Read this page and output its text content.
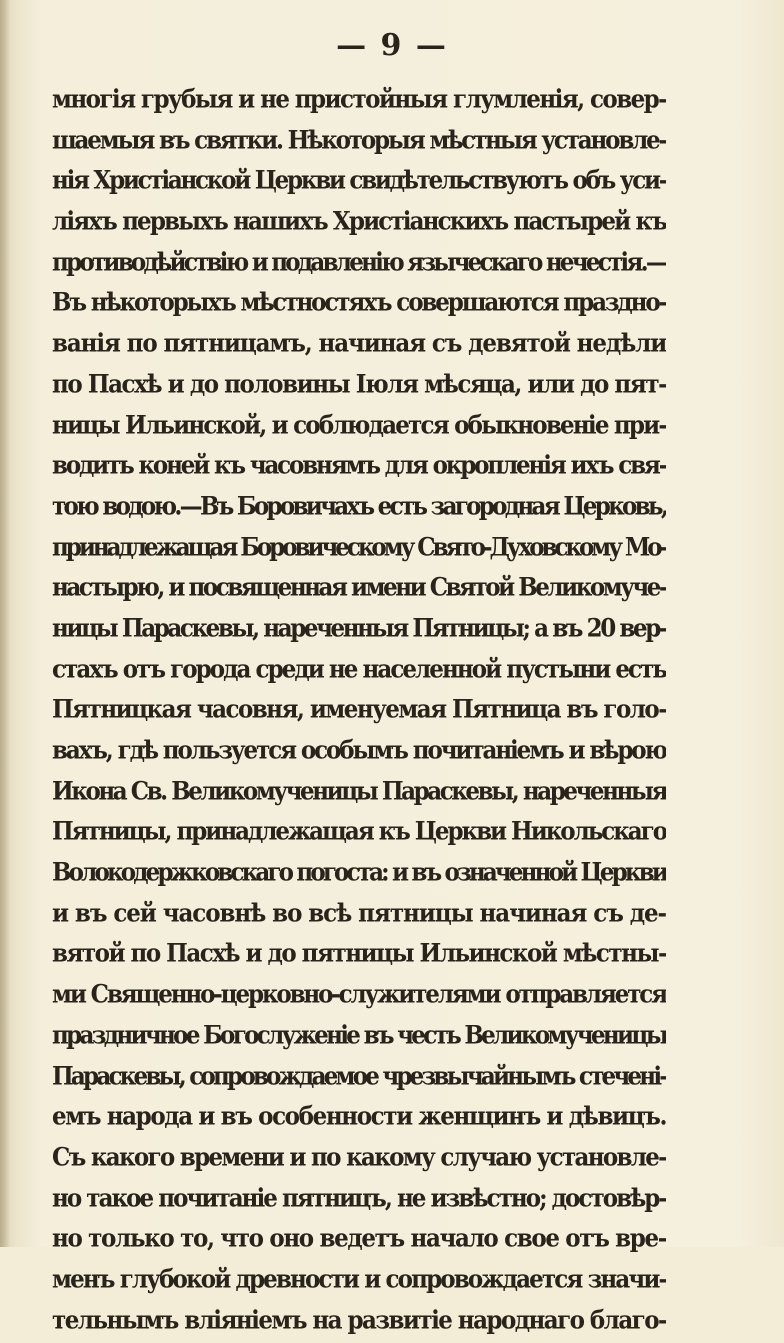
— 9 —
многія грубыя и не пристойныя глумленія, совер-
шаемыя въ святки. Нѣкоторыя мѣстныя установле-
нія Христіанской Церкви свидѣтельствуютъ объ уси-
ліяхъ первыхъ нашихъ Христіанскихъ пастырей къ
противодѣйствію и подавленію языческаго нечестія.—
Въ нѣкоторыхъ мѣстностяхъ совершаются праздно-
ванія по пятницамъ, начиная съ девятой недѣли
по Пасхѣ и до половины Іюля мѣсяца, или до пят-
ницы Ильинской, и соблюдается обыкновеніе при-
водить коней къ часовнямъ для окропленія ихъ свя-
тою водою.—Въ Боровичахъ есть загородная Церковь,
принадлежащая Боровическому Свято-Духовскому Мо-
настырю, и посвященная имени Святой Великомуче-
ницы Параскевы, нареченныя Пятницы; а въ 20 вер-
стахъ отъ города среди не населенной пустыни есть
Пятницкая часовня, именуемая Пятница въ голо-
вахъ, гдѣ пользуется особымъ почитаніемъ и вѣрою
Икона Св. Великомученицы Параскевы, нареченныя
Пятницы, принадлежащая къ Церкви Никольскаго
Волокодержковскаго погоста: и въ означенной Церкви
и въ сей часовнѣ во всѣ пятницы начиная съ де-
вятой по Пасхѣ и до пятницы Ильинской мѣстны-
ми Священно-церковно-служителями отправляется
праздничное Богослуженіе въ честь Великомученицы
Параскевы, сопровождаемое чрезвычайнымъ стеченi-
емъ народа и въ особенности женщинъ и дѣвицъ.
Съ какого времени и по какому случаю установле-
но такое почитаніе пятницъ, не извѣстно; достовѣр-
но только то, что оно ведетъ начало свое отъ вре-
менъ глубокой древности и сопровождается значи-
тельнымъ вліяніемъ на развитіе народнаго благо-
